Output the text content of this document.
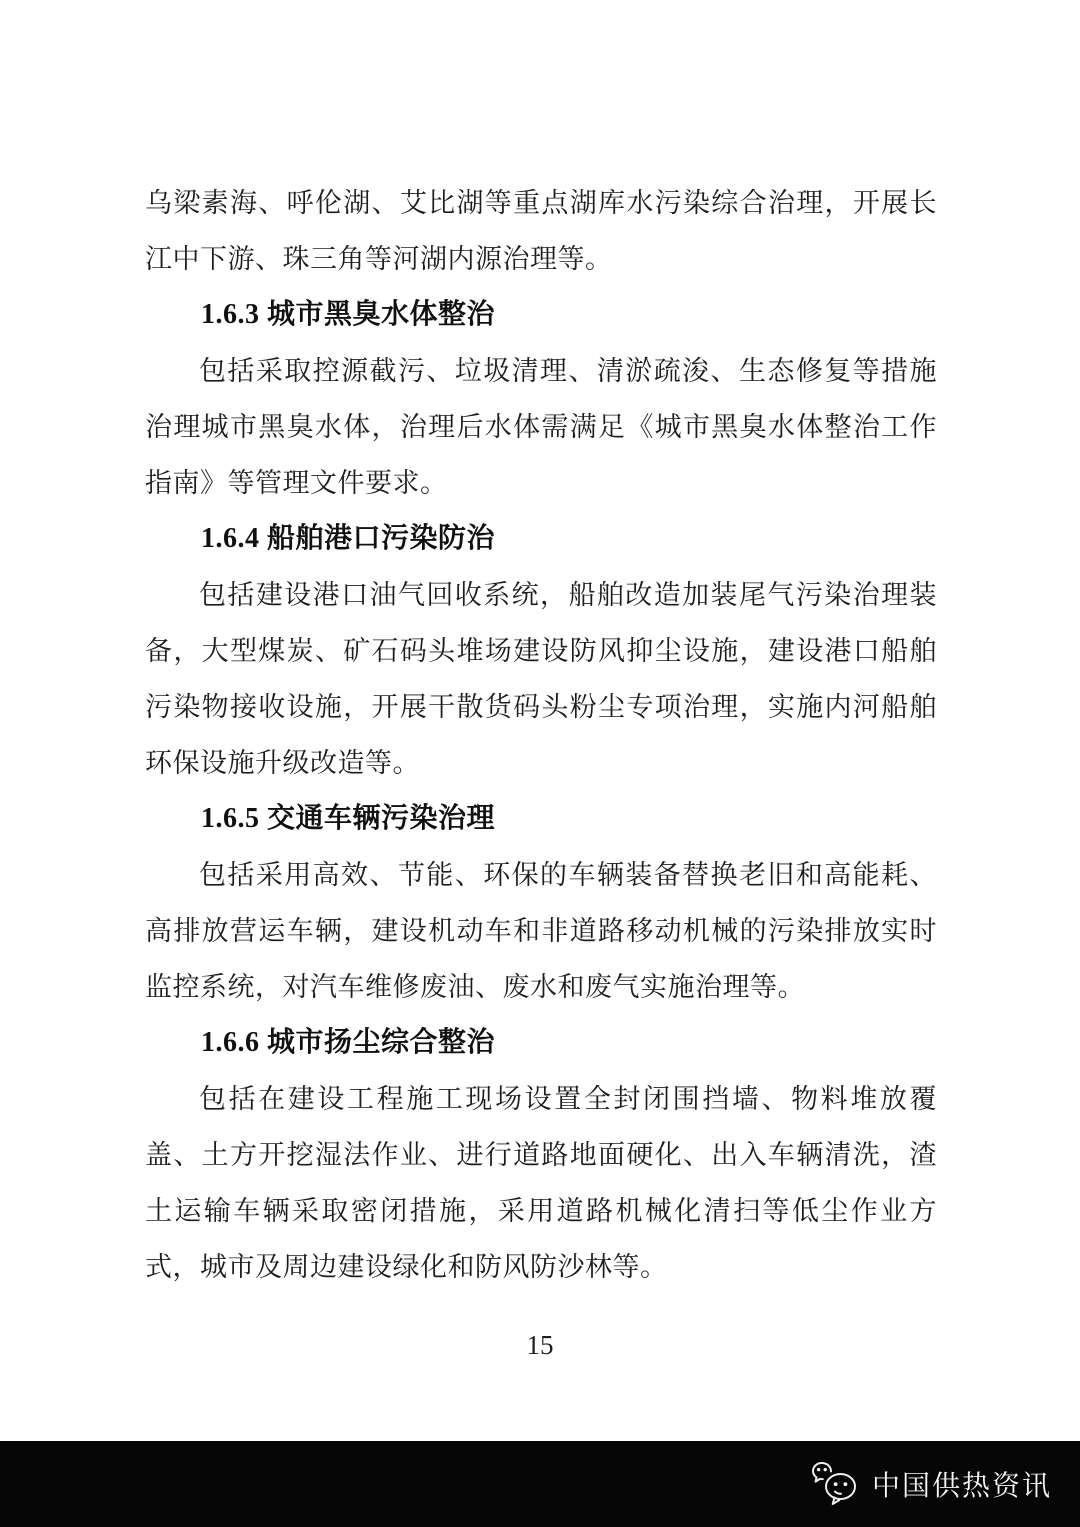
乌梁素海、呼伦湖、艾比湖等重点湖库水污染综合治理，开展长江中下游、珠三角等河湖内源治理等。

1.6.3 城市黑臭水体整治

包括采取控源截污、垃圾清理、清淤疏浚、生态修复等措施治理城市黑臭水体，治理后水体需满足《城市黑臭水体整治工作指南》等管理文件要求。

1.6.4 船舶港口污染防治

包括建设港口油气回收系统，船舶改造加装尾气污染治理装备，大型煤炭、矿石码头堆场建设防风抑尘设施，建设港口船舶污染物接收设施，开展干散货码头粉尘专项治理，实施内河船舶环保设施升级改造等。

1.6.5 交通车辆污染治理

包括采用高效、节能、环保的车辆装备替换老旧和高能耗、高排放营运车辆，建设机动车和非道路移动机械的污染排放实时监控系统，对汽车维修废油、废水和废气实施治理等。

1.6.6 城市扬尘综合整治

包括在建设工程施工现场设置全封闭围挡墙、物料堆放覆盖、土方开挖湿法作业、进行道路地面硬化、出入车辆清洗，渣土运输车辆采取密闭措施，采用道路机械化清扫等低尘作业方式，城市及周边建设绿化和防风防沙林等。

15
中国供热资讯
